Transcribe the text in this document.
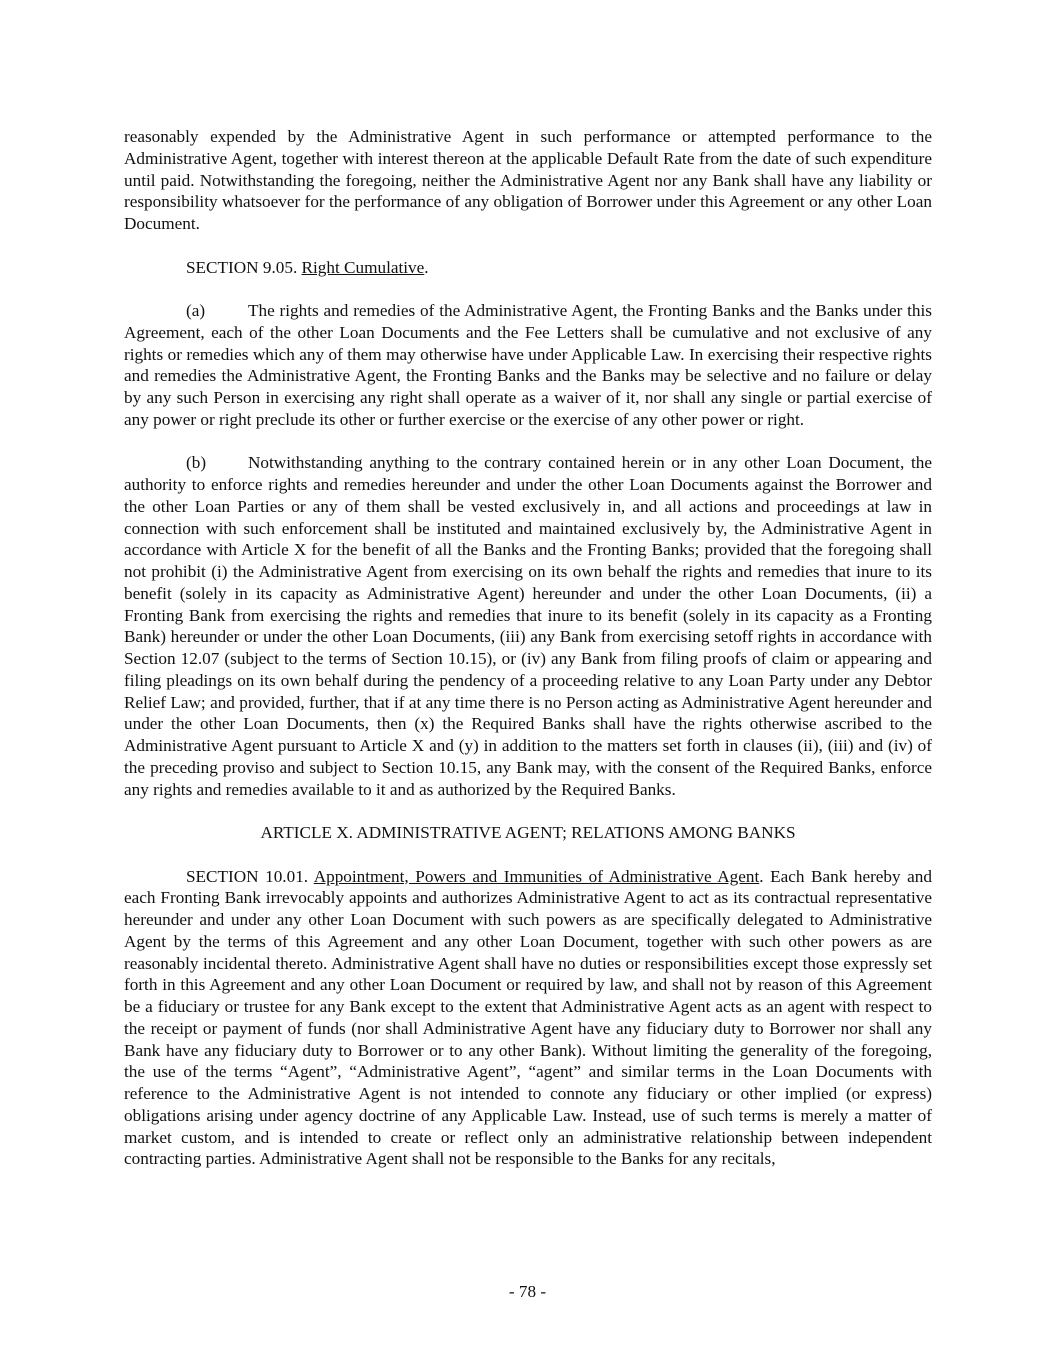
reasonably expended by the Administrative Agent in such performance or attempted performance to the Administrative Agent, together with interest thereon at the applicable Default Rate from the date of such expenditure until paid. Notwithstanding the foregoing, neither the Administrative Agent nor any Bank shall have any liability or responsibility whatsoever for the performance of any obligation of Borrower under this Agreement or any other Loan Document.

SECTION 9.05. Right Cumulative.

(a) The rights and remedies of the Administrative Agent, the Fronting Banks and the Banks under this Agreement, each of the other Loan Documents and the Fee Letters shall be cumulative and not exclusive of any rights or remedies which any of them may otherwise have under Applicable Law. In exercising their respective rights and remedies the Administrative Agent, the Fronting Banks and the Banks may be selective and no failure or delay by any such Person in exercising any right shall operate as a waiver of it, nor shall any single or partial exercise of any power or right preclude its other or further exercise or the exercise of any other power or right.

(b) Notwithstanding anything to the contrary contained herein or in any other Loan Document, the authority to enforce rights and remedies hereunder and under the other Loan Documents against the Borrower and the other Loan Parties or any of them shall be vested exclusively in, and all actions and proceedings at law in connection with such enforcement shall be instituted and maintained exclusively by, the Administrative Agent in accordance with Article X for the benefit of all the Banks and the Fronting Banks; provided that the foregoing shall not prohibit (i) the Administrative Agent from exercising on its own behalf the rights and remedies that inure to its benefit (solely in its capacity as Administrative Agent) hereunder and under the other Loan Documents, (ii) a Fronting Bank from exercising the rights and remedies that inure to its benefit (solely in its capacity as a Fronting Bank) hereunder or under the other Loan Documents, (iii) any Bank from exercising setoff rights in accordance with Section 12.07 (subject to the terms of Section 10.15), or (iv) any Bank from filing proofs of claim or appearing and filing pleadings on its own behalf during the pendency of a proceeding relative to any Loan Party under any Debtor Relief Law; and provided, further, that if at any time there is no Person acting as Administrative Agent hereunder and under the other Loan Documents, then (x) the Required Banks shall have the rights otherwise ascribed to the Administrative Agent pursuant to Article X and (y) in addition to the matters set forth in clauses (ii), (iii) and (iv) of the preceding proviso and subject to Section 10.15, any Bank may, with the consent of the Required Banks, enforce any rights and remedies available to it and as authorized by the Required Banks.

ARTICLE X. ADMINISTRATIVE AGENT; RELATIONS AMONG BANKS

SECTION 10.01. Appointment, Powers and Immunities of Administrative Agent. Each Bank hereby and each Fronting Bank irrevocably appoints and authorizes Administrative Agent to act as its contractual representative hereunder and under any other Loan Document with such powers as are specifically delegated to Administrative Agent by the terms of this Agreement and any other Loan Document, together with such other powers as are reasonably incidental thereto. Administrative Agent shall have no duties or responsibilities except those expressly set forth in this Agreement and any other Loan Document or required by law, and shall not by reason of this Agreement be a fiduciary or trustee for any Bank except to the extent that Administrative Agent acts as an agent with respect to the receipt or payment of funds (nor shall Administrative Agent have any fiduciary duty to Borrower nor shall any Bank have any fiduciary duty to Borrower or to any other Bank). Without limiting the generality of the foregoing, the use of the terms “Agent”, “Administrative Agent”, “agent” and similar terms in the Loan Documents with reference to the Administrative Agent is not intended to connote any fiduciary or other implied (or express) obligations arising under agency doctrine of any Applicable Law. Instead, use of such terms is merely a matter of market custom, and is intended to create or reflect only an administrative relationship between independent contracting parties. Administrative Agent shall not be responsible to the Banks for any recitals,

- 78 -
